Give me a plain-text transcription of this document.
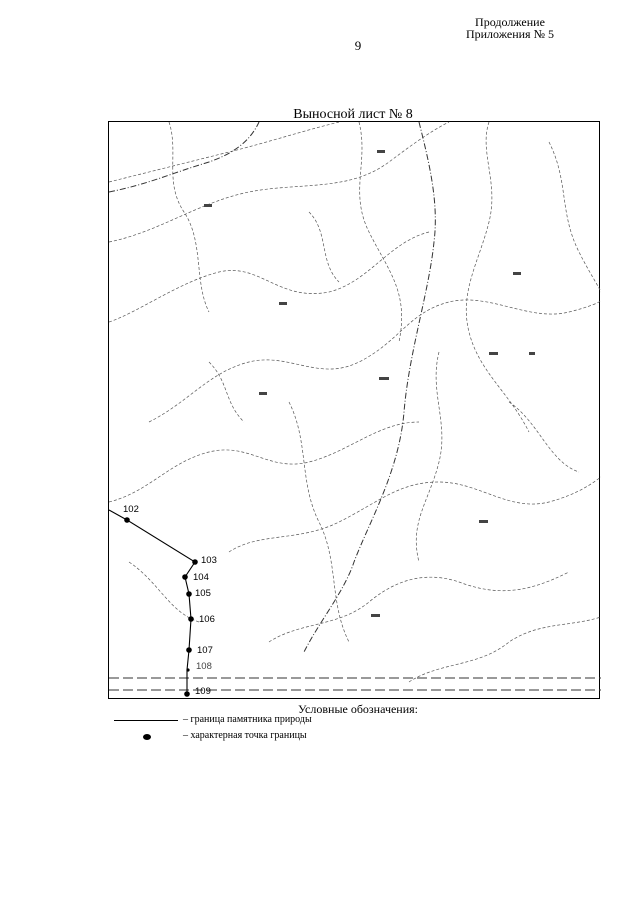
Продолжение
Приложения № 5
9
Выносной лист № 8
102
103
104
105
106
107
108
109
Условные обозначения:
– граница памятника природы
– характерная точка границы
